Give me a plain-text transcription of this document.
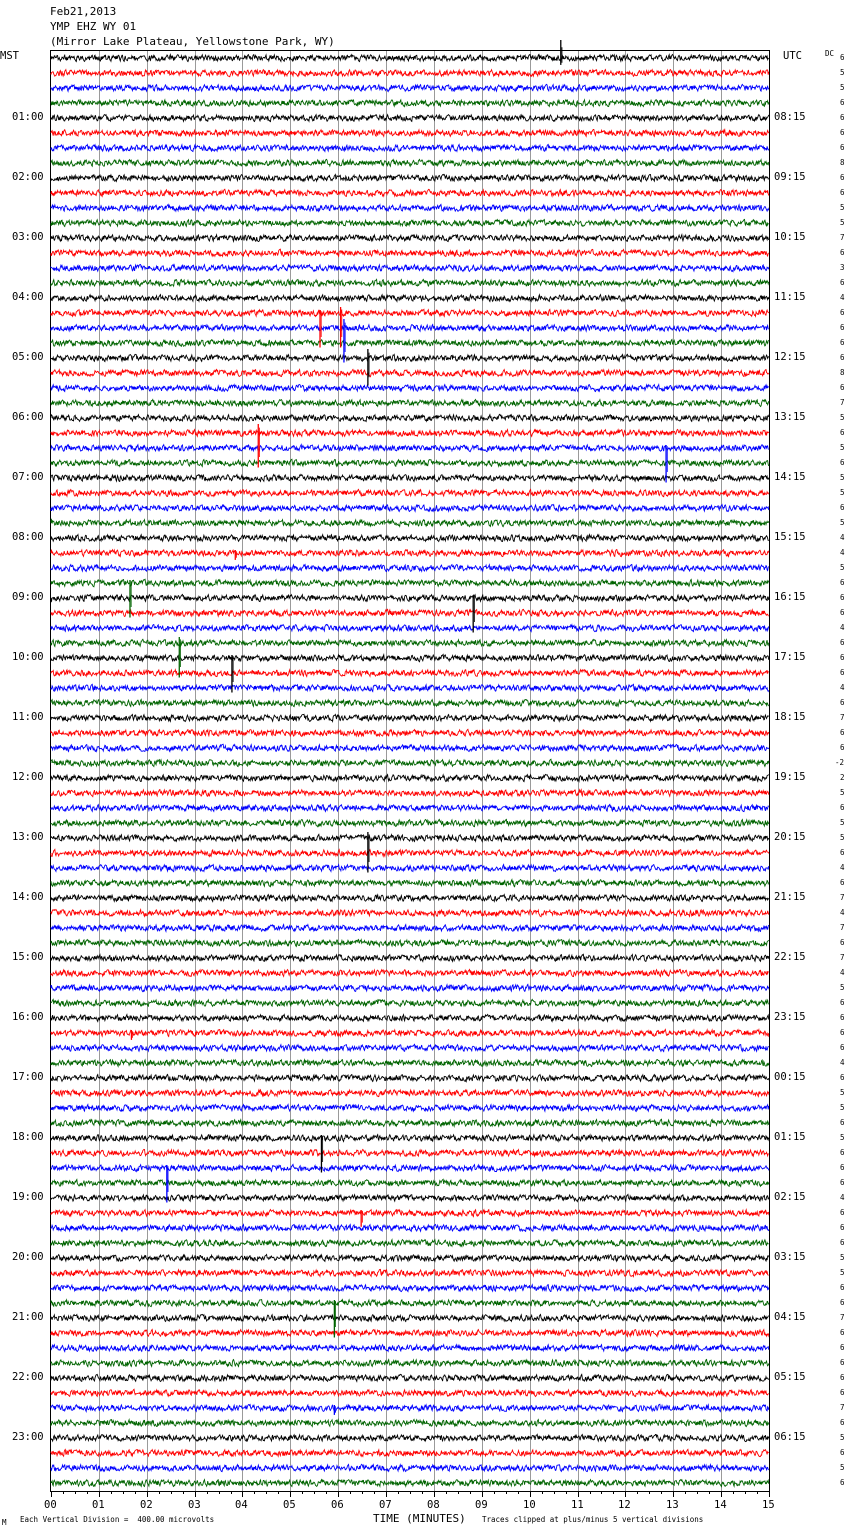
Feb21,2013
YMP EHZ WY 01
(Mirror Lake Plateau, Yellowstone Park, WY)
MST	UTC	DC
01:00	08:15
02:00	09:15
03:00	10:15
04:00	11:15
05:00	12:15
06:00	13:15
07:00	14:15
08:00	15:15
09:00	16:15
10:00	17:15
11:00	18:15
12:00	19:15
13:00	20:15
14:00	21:15
15:00	22:15
16:00	23:15
17:00	00:15
18:00	01:15
19:00	02:15
20:00	03:15
21:00	04:15
22:00	05:15
23:00	06:15
6
5
5
6
6
6
6
8
6
6
5
5
7
6
3
6
4
6
6
6
6
8
6
7
5
6
5
6
5
5
6
5
4
4
5
6
6
6
4
6
6
6
4
6
7
6
6
-2
2
5
6
5
5
6
4
6
7
4
7
6
7
4
5
6
6
6
6
4
6
5
5
6
5
6
6
6
4
6
6
6
5
5
6
6
7
6
6
6
6
6
7
6
5
6
5
6
00	01	02	03	04	05	06	07	08	09	10	11	12	13	14	15
TIME (MINUTES)
M Each Vertical Division =  400.00 microvolts	Traces clipped at plus/minus 5 vertical divisions
